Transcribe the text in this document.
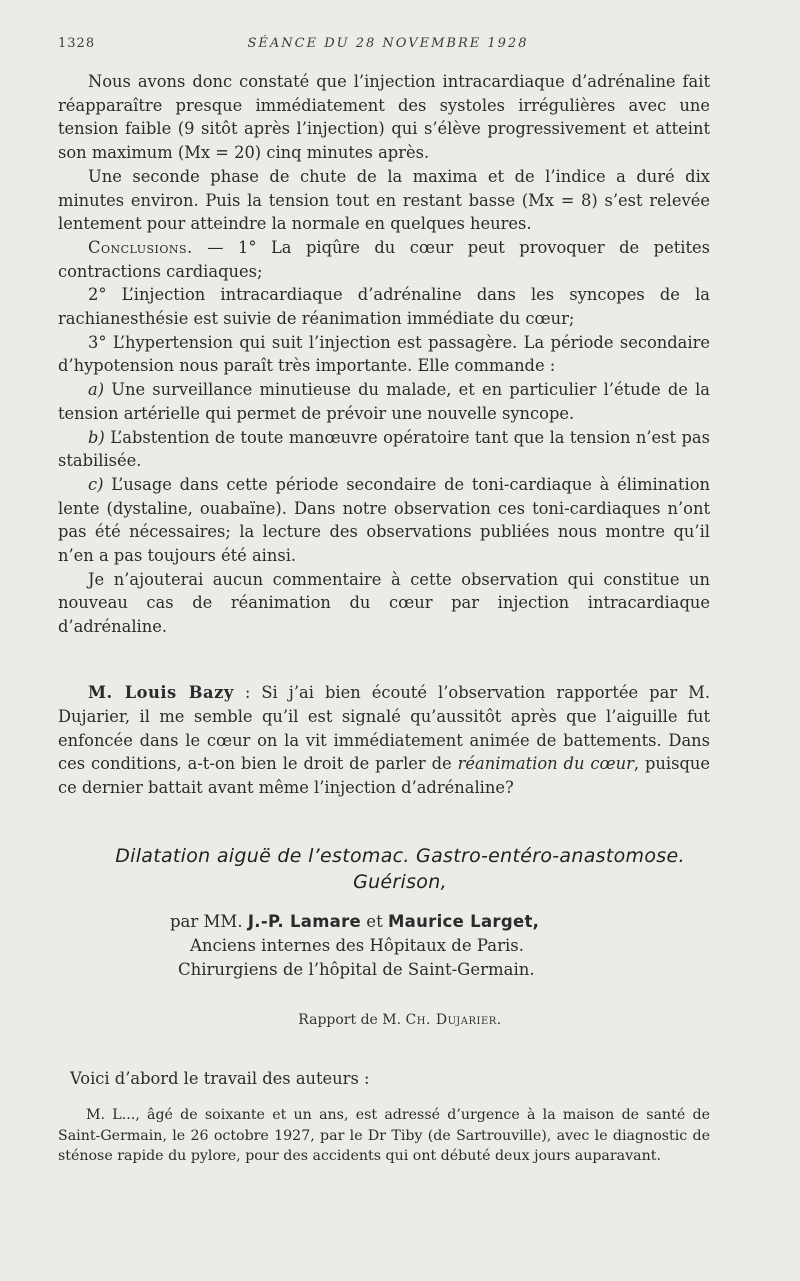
1328	SÉANCE DU 28 NOVEMBRE 1928

Nous avons donc constaté que l’injection intracardiaque d’adrénaline fait réapparaître presque immédiatement des systoles irrégulières avec une tension faible (9 sitôt après l’injection) qui s’élève progressivement et atteint son maximum (Mx = 20) cinq minutes après.

Une seconde phase de chute de la maxima et de l’indice a duré dix minutes environ. Puis la tension tout en restant basse (Mx = 8) s’est relevée lentement pour atteindre la normale en quelques heures.

Conclusions. — 1° La piqûre du cœur peut provoquer de petites contractions cardiaques;

2° L’injection intracardiaque d’adrénaline dans les syncopes de la rachianesthésie est suivie de réanimation immédiate du cœur;

3° L’hypertension qui suit l’injection est passagère. La période secondaire d’hypotension nous paraît très importante. Elle commande :

a) Une surveillance minutieuse du malade, et en particulier l’étude de la tension artérielle qui permet de prévoir une nouvelle syncope.

b) L’abstention de toute manœuvre opératoire tant que la tension n’est pas stabilisée.

c) L’usage dans cette période secondaire de toni-cardiaque à élimination lente (dystaline, ouabaïne). Dans notre observation ces toni-cardiaques n’ont pas été nécessaires; la lecture des observations publiées nous montre qu’il n’en a pas toujours été ainsi.

Je n’ajouterai aucun commentaire à cette observation qui constitue un nouveau cas de réanimation du cœur par injection intracardiaque d’adrénaline.

M. Louis Bazy : Si j’ai bien écouté l’observation rapportée par M. Dujarier, il me semble qu’il est signalé qu’aussitôt après que l’aiguille fut enfoncée dans le cœur on la vit immédiatement animée de battements. Dans ces conditions, a-t-on bien le droit de parler de réanimation du cœur, puisque ce dernier battait avant même l’injection d’adrénaline?

Dilatation aiguë de l’estomac. Gastro-entéro-anastomose.
Guérison,
par MM. J.-P. Lamare et Maurice Larget,
Anciens internes des Hôpitaux de Paris.
Chirurgiens de l’hôpital de Saint-Germain.
Rapport de M. Ch. Dujarier.
Voici d’abord le travail des auteurs :

M. L..., âgé de soixante et un ans, est adressé d’urgence à la maison de santé de Saint-Germain, le 26 octobre 1927, par le Dr Tiby (de Sartrouville), avec le diagnostic de sténose rapide du pylore, pour des accidents qui ont débuté deux jours auparavant.
